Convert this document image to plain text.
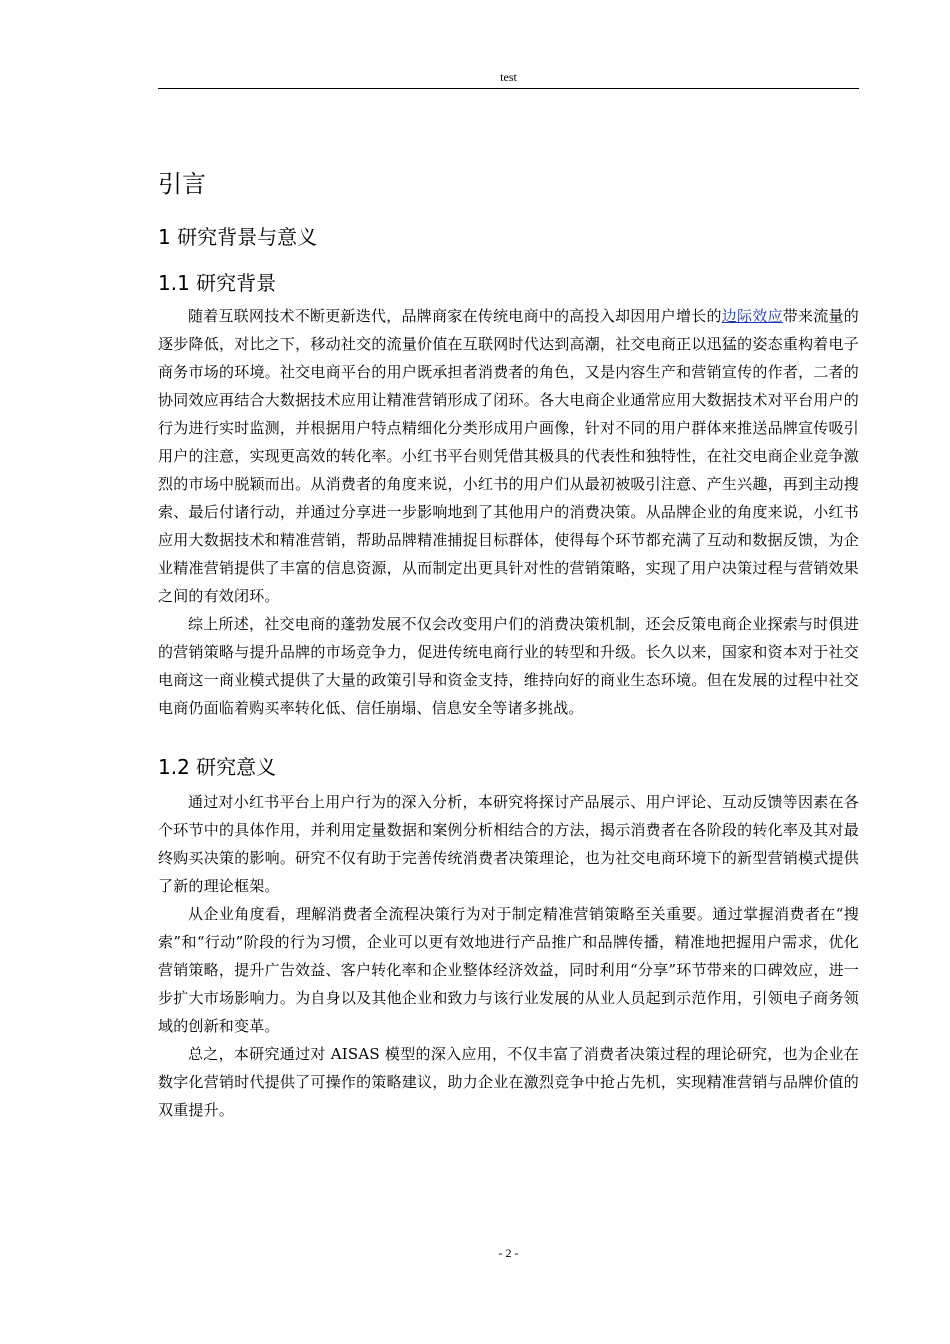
test
引言
1 研究背景与意义
1.1 研究背景

随着互联网技术不断更新迭代，品牌商家在传统电商中的高投入却因用户增长的边际效应带来流量的逐步降低，对比之下，移动社交的流量价值在互联网时代达到高潮，社交电商正以迅猛的姿态重构着电子商务市场的环境。社交电商平台的用户既承担者消费者的角色，又是内容生产和营销宣传的作者，二者的协同效应再结合大数据技术应用让精准营销形成了闭环。各大电商企业通常应用大数据技术对平台用户的行为进行实时监测，并根据用户特点精细化分类形成用户画像，针对不同的用户群体来推送品牌宣传吸引用户的注意，实现更高效的转化率。小红书平台则凭借其极具的代表性和独特性，在社交电商企业竞争激烈的市场中脱颖而出。从消费者的角度来说，小红书的用户们从最初被吸引注意、产生兴趣，再到主动搜索、最后付诸行动，并通过分享进一步影响地到了其他用户的消费决策。从品牌企业的角度来说，小红书应用大数据技术和精准营销，帮助品牌精准捕捉目标群体，使得每个环节都充满了互动和数据反馈，为企业精准营销提供了丰富的信息资源，从而制定出更具针对性的营销策略，实现了用户决策过程与营销效果之间的有效闭环。

综上所述，社交电商的蓬勃发展不仅会改变用户们的消费决策机制，还会反策电商企业探索与时俱进的营销策略与提升品牌的市场竞争力，促进传统电商行业的转型和升级。长久以来，国家和资本对于社交电商这一商业模式提供了大量的政策引导和资金支持，维持向好的商业生态环境。但在发展的过程中社交电商仍面临着购买率转化低、信任崩塌、信息安全等诸多挑战。

1.2 研究意义

通过对小红书平台上用户行为的深入分析，本研究将探讨产品展示、用户评论、互动反馈等因素在各个环节中的具体作用，并利用定量数据和案例分析相结合的方法，揭示消费者在各阶段的转化率及其对最终购买决策的影响。研究不仅有助于完善传统消费者决策理论，也为社交电商环境下的新型营销模式提供了新的理论框架。

从企业角度看，理解消费者全流程决策行为对于制定精准营销策略至关重要。通过掌握消费者在“搜索”和“行动”阶段的行为习惯，企业可以更有效地进行产品推广和品牌传播，精准地把握用户需求，优化营销策略，提升广告效益、客户转化率和企业整体经济效益，同时利用“分享”环节带来的口碑效应，进一步扩大市场影响力。为自身以及其他企业和致力与该行业发展的从业人员起到示范作用，引领电子商务领域的创新和变革。

总之，本研究通过对 AISAS 模型的深入应用，不仅丰富了消费者决策过程的理论研究，也为企业在数字化营销时代提供了可操作的策略建议，助力企业在激烈竞争中抢占先机，实现精准营销与品牌价值的双重提升。

- 2 -
